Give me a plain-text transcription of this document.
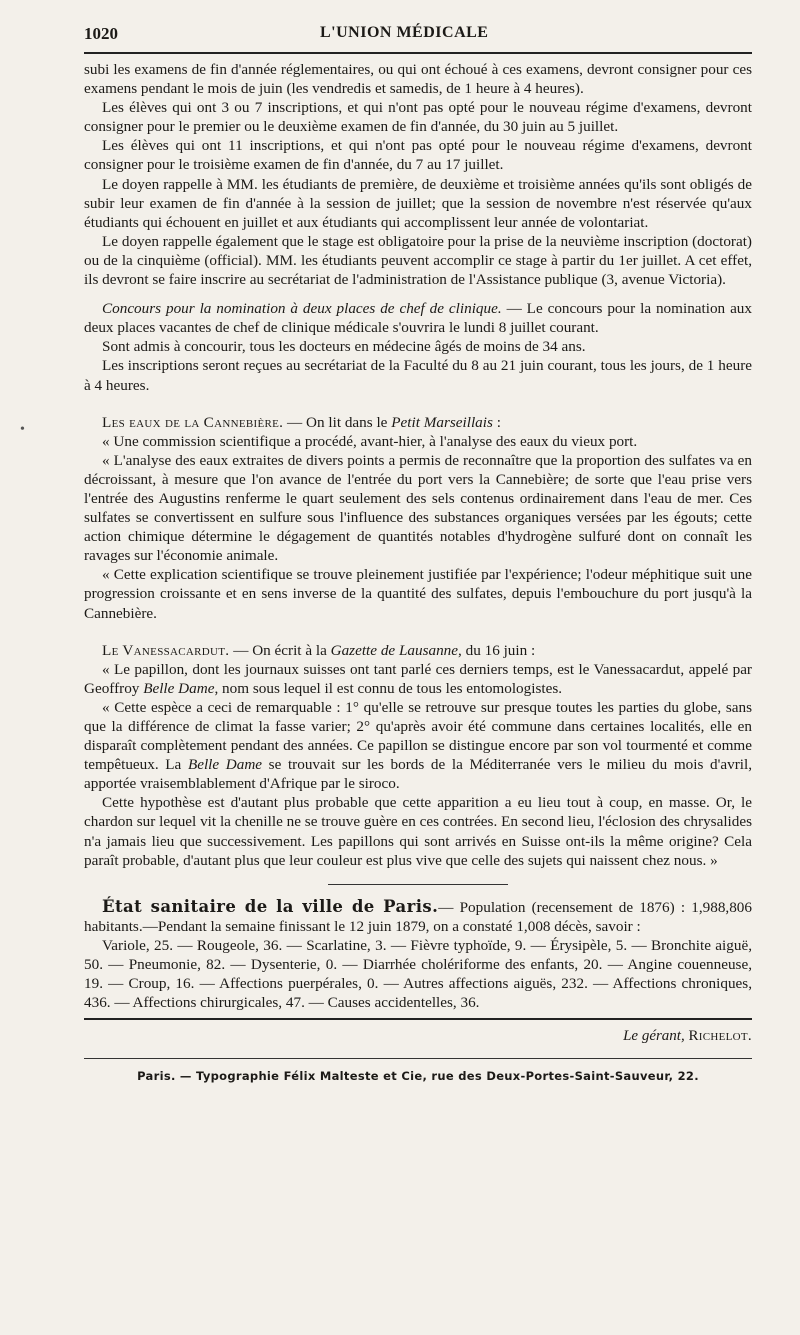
1020	L'UNION MÉDICALE

subi les examens de fin d'année réglementaires, ou qui ont échoué à ces examens, devront consigner pour ces examens pendant le mois de juin (les vendredis et samedis, de 1 heure à 4 heures).

Les élèves qui ont 3 ou 7 inscriptions, et qui n'ont pas opté pour le nouveau régime d'examens, devront consigner pour le premier ou le deuxième examen de fin d'année, du 30 juin au 5 juillet.

Les élèves qui ont 11 inscriptions, et qui n'ont pas opté pour le nouveau régime d'examens, devront consigner pour le troisième examen de fin d'année, du 7 au 17 juillet.

Le doyen rappelle à MM. les étudiants de première, de deuxième et troisième années qu'ils sont obligés de subir leur examen de fin d'année à la session de juillet; que la session de novembre n'est réservée qu'aux étudiants qui échouent en juillet et aux étudiants qui accomplissent leur année de volontariat.

Le doyen rappelle également que le stage est obligatoire pour la prise de la neuvième inscription (doctorat) ou de la cinquième (official). MM. les étudiants peuvent accomplir ce stage à partir du 1er juillet. A cet effet, ils devront se faire inscrire au secrétariat de l'administration de l'Assistance publique (3, avenue Victoria).

Concours pour la nomination à deux places de chef de clinique. — Le concours pour la nomination aux deux places vacantes de chef de clinique médicale s'ouvrira le lundi 8 juillet courant.

Sont admis à concourir, tous les docteurs en médecine âgés de moins de 34 ans.

Les inscriptions seront reçues au secrétariat de la Faculté du 8 au 21 juin courant, tous les jours, de 1 heure à 4 heures.

Les eaux de la Cannebière. — On lit dans le Petit Marseillais :

« Une commission scientifique a procédé, avant-hier, à l'analyse des eaux du vieux port.

« L'analyse des eaux extraites de divers points a permis de reconnaître que la proportion des sulfates va en décroissant, à mesure que l'on avance de l'entrée du port vers la Cannebière; de sorte que l'eau prise vers l'entrée des Augustins renferme le quart seulement des sels contenus ordinairement dans l'eau de mer. Ces sulfates se convertissent en sulfure sous l'influence des substances organiques versées par les égouts; cette action chimique détermine le dégagement de quantités notables d'hydrogène sulfuré dont on connaît les ravages sur l'économie animale.

« Cette explication scientifique se trouve pleinement justifiée par l'expérience; l'odeur méphitique suit une progression croissante et en sens inverse de la quantité des sulfates, depuis l'embouchure du port jusqu'à la Cannebière.

Le Vanessacardut. — On écrit à la Gazette de Lausanne, du 16 juin :

« Le papillon, dont les journaux suisses ont tant parlé ces derniers temps, est le Vanessacardut, appelé par Geoffroy Belle Dame, nom sous lequel il est connu de tous les entomologistes.

« Cette espèce a ceci de remarquable : 1° qu'elle se retrouve sur presque toutes les parties du globe, sans que la différence de climat la fasse varier; 2° qu'après avoir été commune dans certaines localités, elle en disparaît complètement pendant des années. Ce papillon se distingue encore par son vol tourmenté et comme tempêtueux. La Belle Dame se trouvait sur les bords de la Méditerranée vers le milieu du mois d'avril, apportée vraisemblablement d'Afrique par le siroco.

Cette hypothèse est d'autant plus probable que cette apparition a eu lieu tout à coup, en masse. Or, le chardon sur lequel vit la chenille ne se trouve guère en ces contrées. En second lieu, l'éclosion des chrysalides n'a jamais lieu que successivement. Les papillons qui sont arrivés en Suisse ont-ils la même origine? Cela paraît probable, d'autant plus que leur couleur est plus vive que celle des sujets qui naissent chez nous. »

État sanitaire de la ville de Paris.— Population (recensement de 1876) : 1,988,806 habitants.—Pendant la semaine finissant le 12 juin 1879, on a constaté 1,008 décès, savoir :

Variole, 25. — Rougeole, 36. — Scarlatine, 3. — Fièvre typhoïde, 9. — Érysipèle, 5. — Bronchite aiguë, 50. — Pneumonie, 82. — Dysenterie, 0. — Diarrhée cholériforme des enfants, 20. — Angine couenneuse, 19. — Croup, 16. — Affections puerpérales, 0. — Autres affections aiguës, 232. — Affections chroniques, 436. — Affections chirurgicales, 47. — Causes accidentelles, 36.

Le gérant, Richelot.
Paris. — Typographie Félix Malteste et Cie, rue des Deux-Portes-Saint-Sauveur, 22.
•
